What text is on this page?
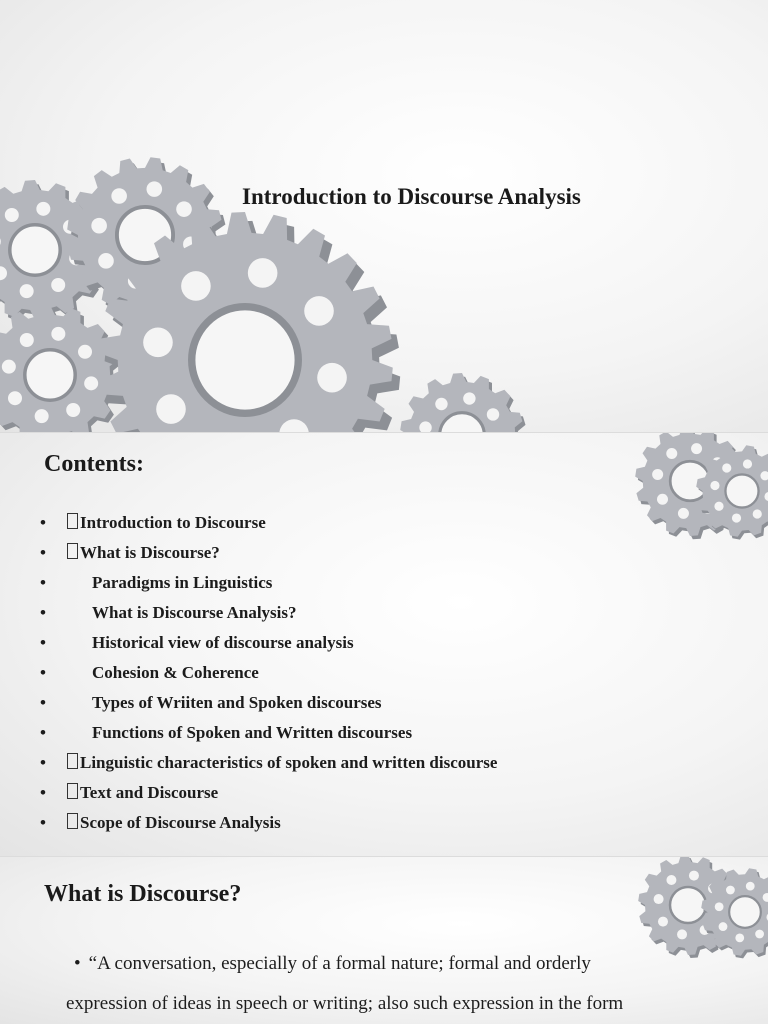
Introduction to Discourse Analysis
Contents:
• Introduction to Discourse
• What is Discourse?
•	Paradigms in Linguistics
•	What is Discourse Analysis?
•	Historical view of discourse analysis
•	Cohesion & Coherence
•	Types of Wriiten and Spoken discourses
•	Functions of Spoken and Written discourses
• Linguistic characteristics of spoken and written discourse
• Text and Discourse
• Scope of Discourse Analysis
What is Discourse?
• “A conversation, especially of a formal nature; formal and orderly
expression of ideas in speech or writing; also such expression in the form
